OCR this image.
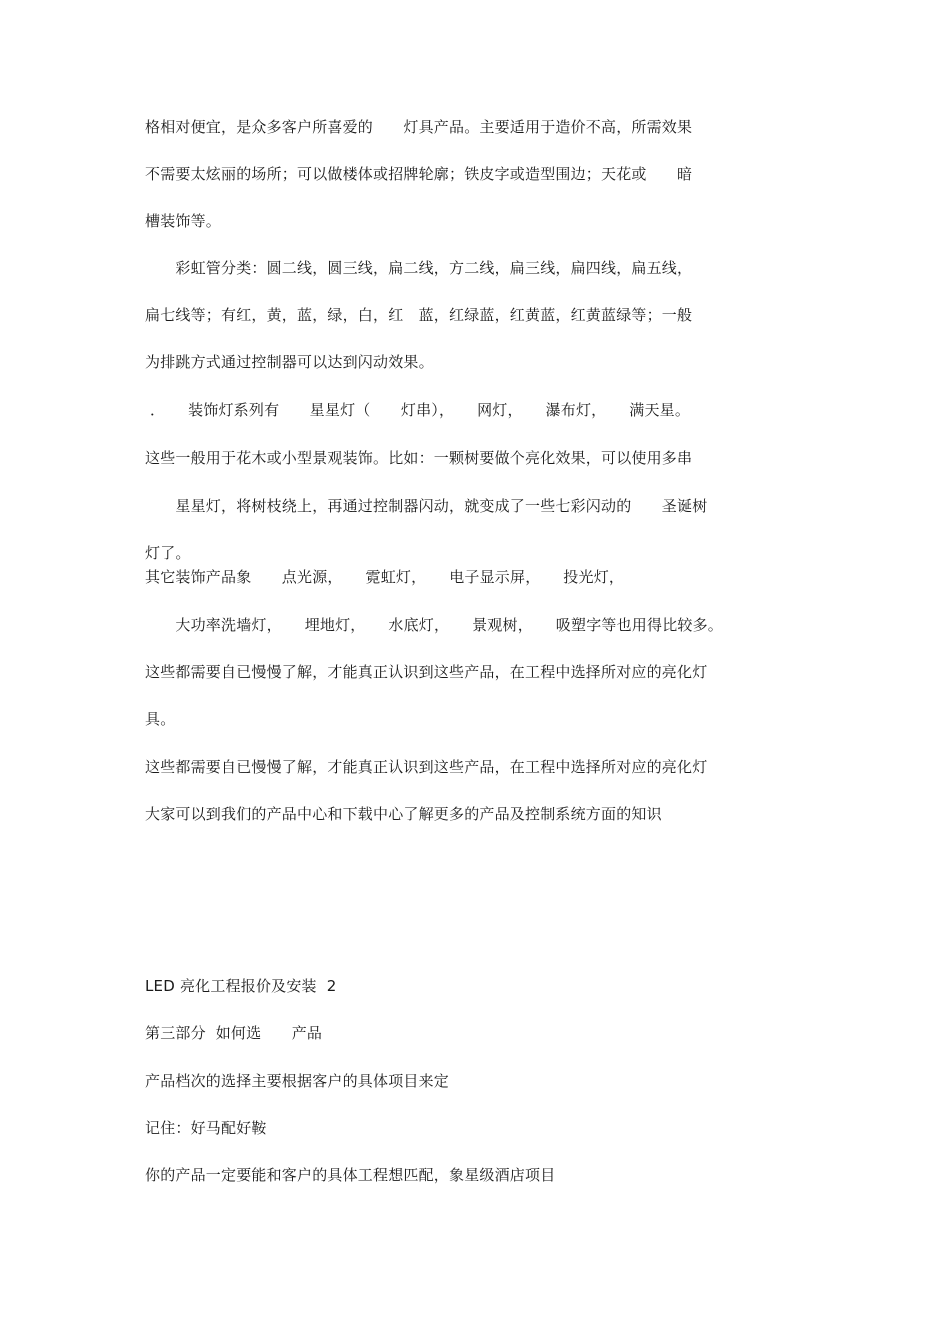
格相对便宜，是众多客户所喜爱的　　灯具产品。主要适用于造价不高，所需效果
不需要太炫丽的场所；可以做楼体或招牌轮廓；铁皮字或造型围边；天花或　　暗
槽装饰等。
　　彩虹管分类：圆二线，圆三线，扁二线，方二线，扁三线，扁四线，扁五线，
扁七线等；有红，黄，蓝，绿，白，红　蓝，红绿蓝，红黄蓝，红黄蓝绿等；一般
为排跳方式通过控制器可以达到闪动效果。
．　　装饰灯系列有　　星星灯（　　灯串），　　网灯，　　瀑布灯，　　满天星。
这些一般用于花木或小型景观装饰。比如：一颗树要做个亮化效果，可以使用多串
　　星星灯，将树枝绕上，再通过控制器闪动，就变成了一些七彩闪动的　　圣诞树
灯了。
其它装饰产品象　　点光源，　　霓虹灯，　　电子显示屏，　　投光灯，
　　大功率洗墙灯，　　埋地灯，　　水底灯，　　景观树，　　吸塑字等也用得比较多。
这些都需要自已慢慢了解，才能真正认识到这些产品，在工程中选择所对应的亮化灯
具。
这些都需要自已慢慢了解，才能真正认识到这些产品，在工程中选择所对应的亮化灯
大家可以到我们的产品中心和下载中心了解更多的产品及控制系统方面的知识
LED 亮化工程报价及安装  2
第三部分  如何选　　产品
产品档次的选择主要根据客户的具体项目来定
记住：好马配好鞍
你的产品一定要能和客户的具体工程想匹配，象星级酒店项目
